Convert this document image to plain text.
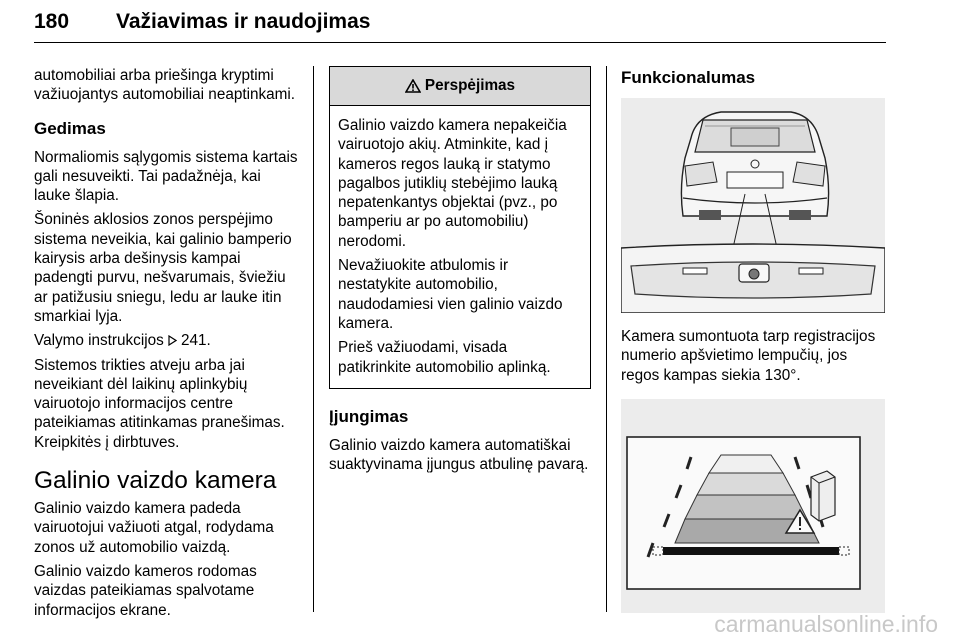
180 Važiavimas ir naudojimas

automobiliai arba priešinga kryptimi važiuojantys automobiliai neaptinkami.

Gedimas

Normaliomis sąlygomis sistema kartais gali nesuveikti. Tai padažnėja, kai lauke šlapia.

Šoninės aklosios zonos perspėjimo sistema neveikia, kai galinio bamperio kairysis arba dešinysis kampai padengti purvu, nešvarumais, šviežiu ar patižusiu sniegu, ledu ar lauke itin smarkiai lyja.

Valymo instrukcijos 241.

Sistemos trikties atveju arba jai neveikiant dėl laikinų aplinkybių vairuotojo informacijos centre pateikiamas atitinkamas pranešimas. Kreipkitės į dirbtuves.

Galinio vaizdo kamera

Galinio vaizdo kamera padeda vairuotojui važiuoti atgal, rodydama zonos už automobilio vaizdą.

Galinio vaizdo kameros rodomas vaizdas pateikiamas spalvotame informacijos ekrane.

Perspėjimas

Galinio vaizdo kamera nepakeičia vairuotojo akių. Atminkite, kad į kameros regos lauką ir statymo pagalbos jutiklių stebėjimo lauką nepatenkantys objektai (pvz., po bamperiu ar po automobiliu) nerodomi.

Nevažiuokite atbulomis ir nestatykite automobilio, naudodamiesi vien galinio vaizdo kamera.

Prieš važiuodami, visada patikrinkite automobilio aplinką.

Įjungimas

Galinio vaizdo kamera automatiškai suaktyvinama įjungus atbulinę pavarą.

Funkcionalumas

Kamera sumontuota tarp registracijos numerio apšvietimo lempučių, jos regos kampas siekia 130°.

carmanualsonline.info
